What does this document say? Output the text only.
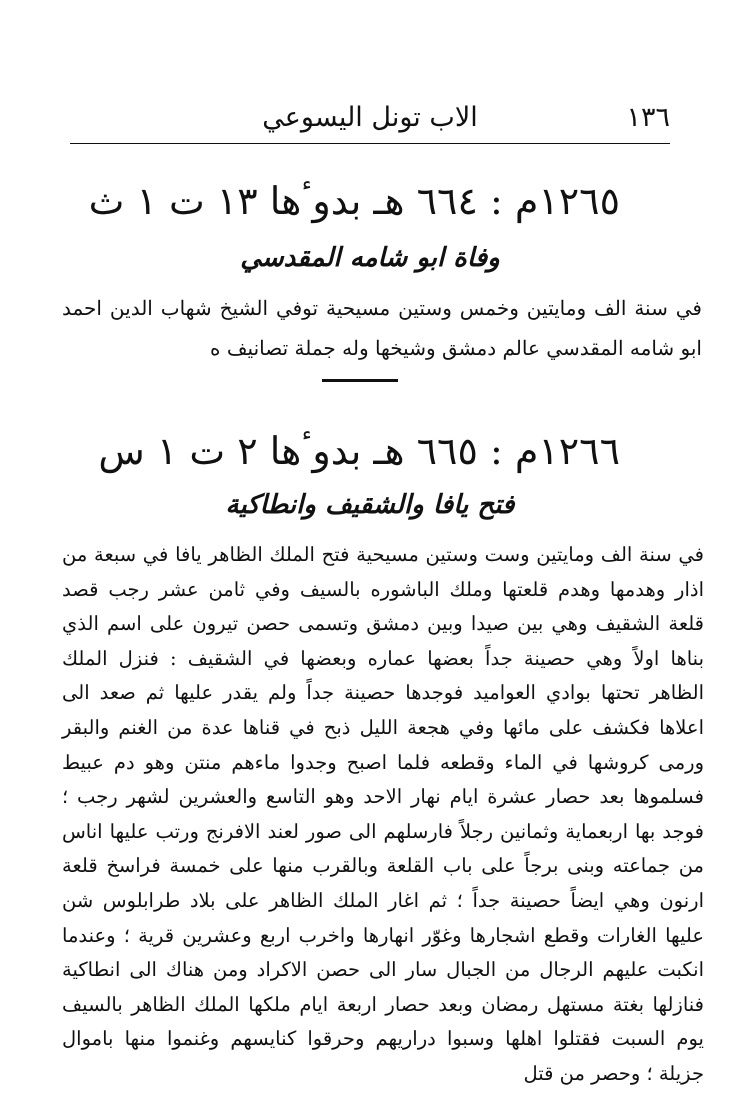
١٣٦
الاب تونل اليسوعي
١٢٦٥م : ٦٦٤ هـ بدوٴها ١٣ ت ١ ث
وفاة ابو شامه المقدسي

في سنة الف ومايتين وخمس وستين مسيحية توفي الشيخ شهاب الدين احمد ابو شامه المقدسي عالم دمشق وشيخها وله جملة تصانيف ه

١٢٦٦م : ٦٦٥ هـ بدوٴها ٢ ت ١ س
فتح يافا والشقيف وانطاكية

في سنة الف ومايتين وست وستين مسيحية فتح الملك الظاهر يافا في سبعة من اذار وهدمها وهدم قلعتها وملك الباشوره بالسيف وفي ثامن عشر رجب قصد قلعة الشقيف وهي بين صيدا وبين دمشق وتسمى حصن تيرون على اسم الذي بناها اولاً وهي حصينة جداً بعضها عماره وبعضها في الشقيف : فنزل الملك الظاهر تحتها بوادي العواميد فوجدها حصينة جداً ولم يقدر عليها ثم صعد الى اعلاها فكشف على مائها وفي هجعة الليل ذبح في قناها عدة من الغنم والبقر ورمى كروشها في الماء وقطعه فلما اصبح وجدوا ماءهم منتن وهو دم عبيط فسلموها بعد حصار عشرة ايام نهار الاحد وهو التاسع والعشرين لشهر رجب ؛ فوجد بها اربعماية وثمانين رجلاً فارسلهم الى صور لعند الافرنج ورتب عليها اناس من جماعته وبنى برجاً على باب القلعة وبالقرب منها على خمسة فراسخ قلعة ارنون وهي ايضاً حصينة جداً ؛ ثم اغار الملك الظاهر على بلاد طرابلوس شن عليها الغارات وقطع اشجارها وغوّر انهارها واخرب اربع وعشرين قرية ؛ وعندما انكبت عليهم الرجال من الجبال سار الى حصن الاكراد ومن هناك الى انطاكية فنازلها بغتة مستهل رمضان وبعد حصار اربعة ايام ملكها الملك الظاهر بالسيف يوم السبت فقتلوا اهلها وسبوا دراريهم وحرقوا كنايسهم وغنموا منها باموال جزيلة ؛ وحصر من قتل
